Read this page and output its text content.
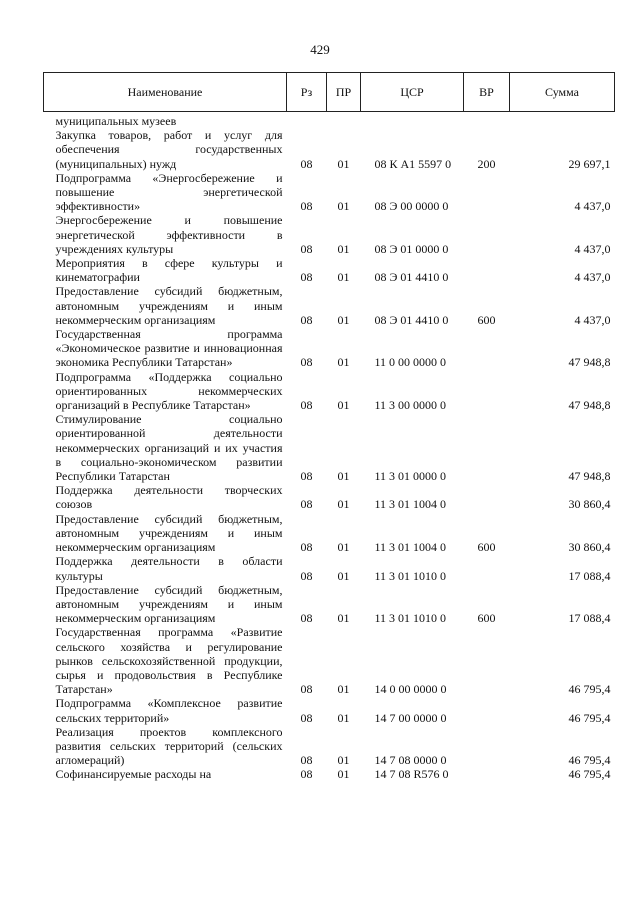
429
Наименование	Рз	ПР	ЦСР	ВР	Сумма
муниципальных музеев					
Закупка товаров, работ и услуг для обеспечения государственных (муниципальных) нужд	08	01	08 К А1 5597 0	200	29 697,1
Подпрограмма «Энергосбережение и повышение энергетической эффективности»	08	01	08 Э 00 0000 0		4 437,0
Энергосбережение и повышение энергетической эффективности в учреждениях культуры	08	01	08 Э 01 0000 0		4 437,0
Мероприятия в сфере культуры и кинематографии	08	01	08 Э 01 4410 0		4 437,0
Предоставление субсидий бюджетным, автономным учреждениям и иным некоммерческим организациям	08	01	08 Э 01 4410 0	600	4 437,0
Государственная программа «Экономическое развитие и инновационная экономика Республики Татарстан»	08	01	11 0 00 0000 0		47 948,8
Подпрограмма «Поддержка социально ориентированных некоммерческих организаций в Республике Татарстан»	08	01	11 3 00 0000 0		47 948,8
Стимулирование социально ориентированной деятельности некоммерческих организаций и их участия в социально-экономическом развитии Республики Татарстан	08	01	11 3 01 0000 0		47 948,8
Поддержка деятельности творческих союзов	08	01	11 3 01 1004 0		30 860,4
Предоставление субсидий бюджетным, автономным учреждениям и иным некоммерческим организациям	08	01	11 3 01 1004 0	600	30 860,4
Поддержка деятельности в области культуры	08	01	11 3 01 1010 0		17 088,4
Предоставление субсидий бюджетным, автономным учреждениям и иным некоммерческим организациям	08	01	11 3 01 1010 0	600	17 088,4
Государственная программа «Развитие сельского хозяйства и регулирование рынков сельскохозяйственной продукции, сырья и продовольствия в Республике Татарстан»	08	01	14 0 00 0000 0		46 795,4
Подпрограмма «Комплексное развитие сельских территорий»	08	01	14 7 00 0000 0		46 795,4
Реализация проектов комплексного развития сельских территорий (сельских агломераций)	08	01	14 7 08 0000 0		46 795,4
Софинансируемые расходы на	08	01	14 7 08 R576 0		46 795,4
